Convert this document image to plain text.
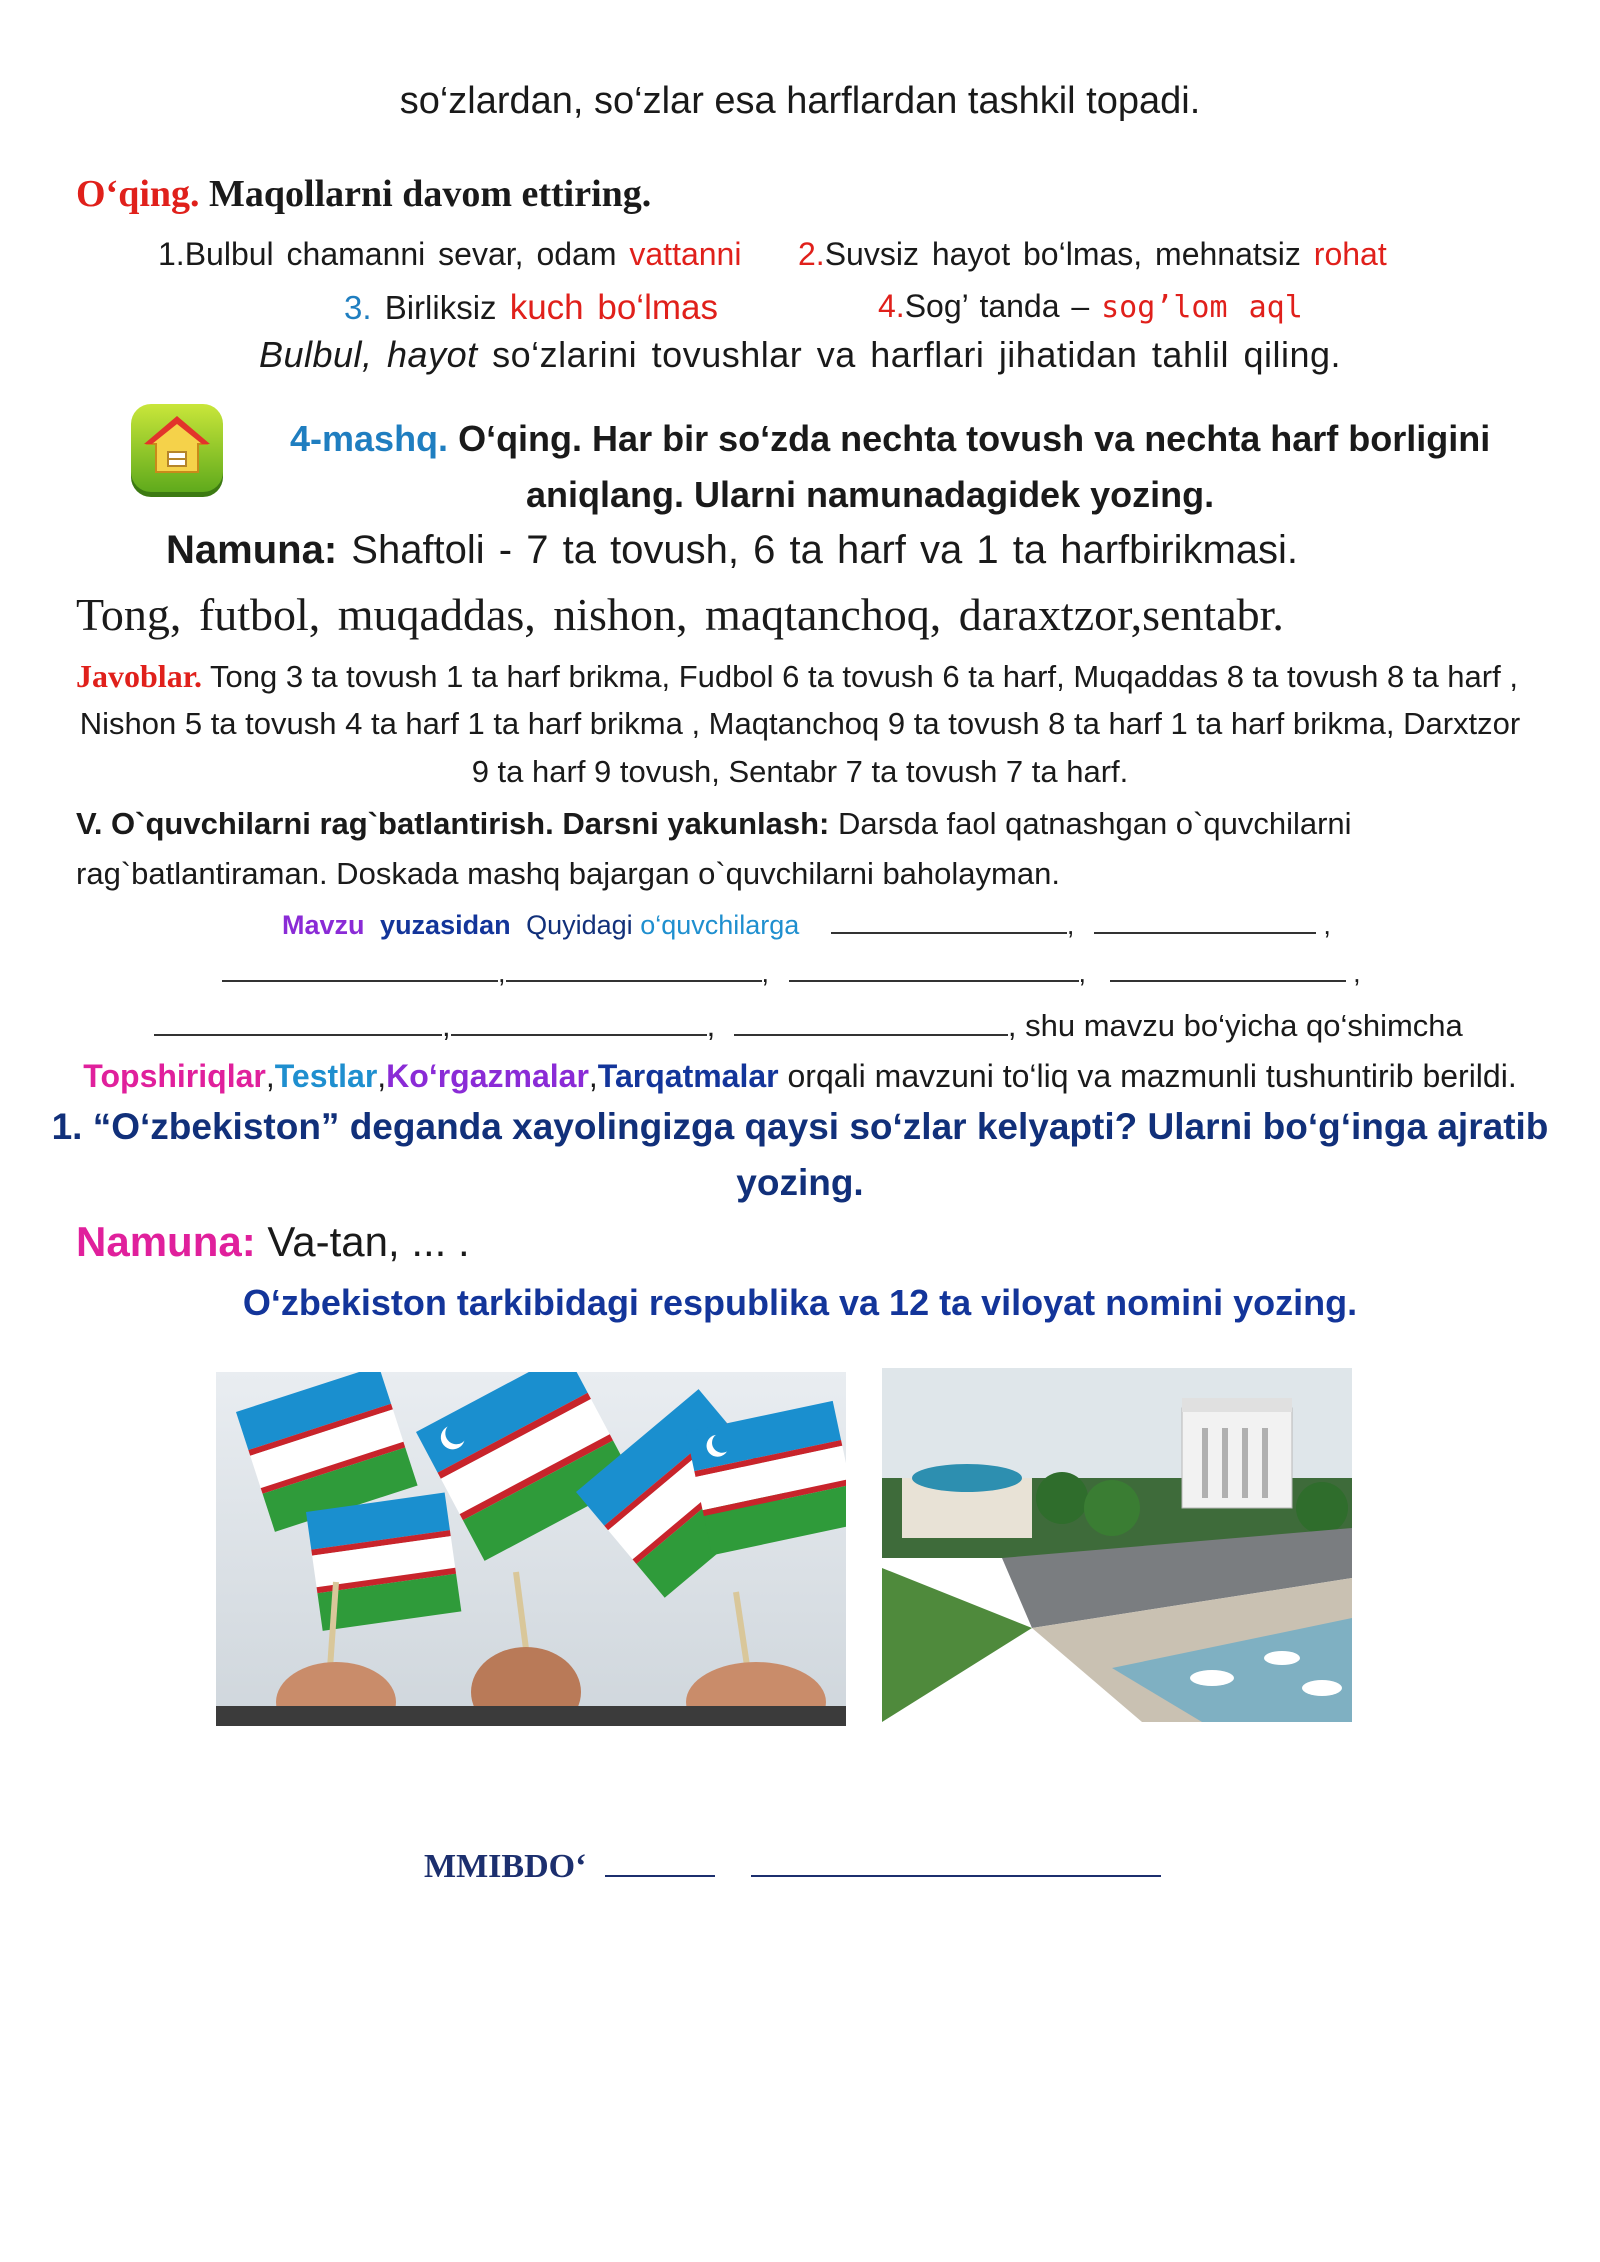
so‘zlardan, so‘zlar esa harflardan tashkil topadi.
O‘qing. Maqollarni davom ettiring.
1.Bulbul chamanni sevar, odam vattanni 2.Suvsiz hayot bo‘lmas, mehnatsiz rohat
3. Birliksiz kuch bo‘lmas	4.Sog’ tanda – sog’lom aql
Bulbul, hayot so‘zlarini tovushlar va harflari jihatidan tahlil qiling.
4-mashq. O‘qing. Har bir so‘zda nechta tovush va nechta harf borligini
aniqlang. Ularni namunadagidek yozing.
Namuna: Shaftoli - 7 ta tovush, 6 ta harf va 1 ta harfbirikmasi.
Tong, futbol, muqaddas, nishon, maqtanchoq, daraxtzor,sentabr.
Javoblar. Tong 3 ta tovush 1 ta harf brikma, Fudbol 6 ta tovush 6 ta harf, Muqaddas 8 ta tovush 8 ta harf ,
Nishon 5 ta tovush 4 ta harf 1 ta harf brikma , Maqtanchoq 9 ta tovush 8 ta harf 1 ta harf brikma, Darxtzor
9 ta harf 9 tovush, Sentabr 7 ta tovush 7 ta harf.
V. O`quvchilarni rag`batlantirish. Darsni yakunlash: Darsda faol qatnashgan o`quvchilarni
rag`batlantiraman. Doskada mashq bajargan o`quvchilarni baholayman.
Mavzu yuzasidan Quyidagi o‘quvchilarga	,	,
,	,	,	,
,	,	, shu mavzu bo‘yicha qo‘shimcha
Topshiriqlar,Testlar,Ko‘rgazmalar,Tarqatmalar orqali mavzuni to‘liq va mazmunli tushuntirib berildi.
1. “O‘zbekiston” deganda xayolingizga qaysi so‘zlar kelyapti? Ularni bo‘g‘inga ajratib
yozing.
Namuna: Va-tan, ... .
O‘zbekiston tarkibidagi respublika va 12 ta viloyat nomini yozing.
MMIBDO‘
